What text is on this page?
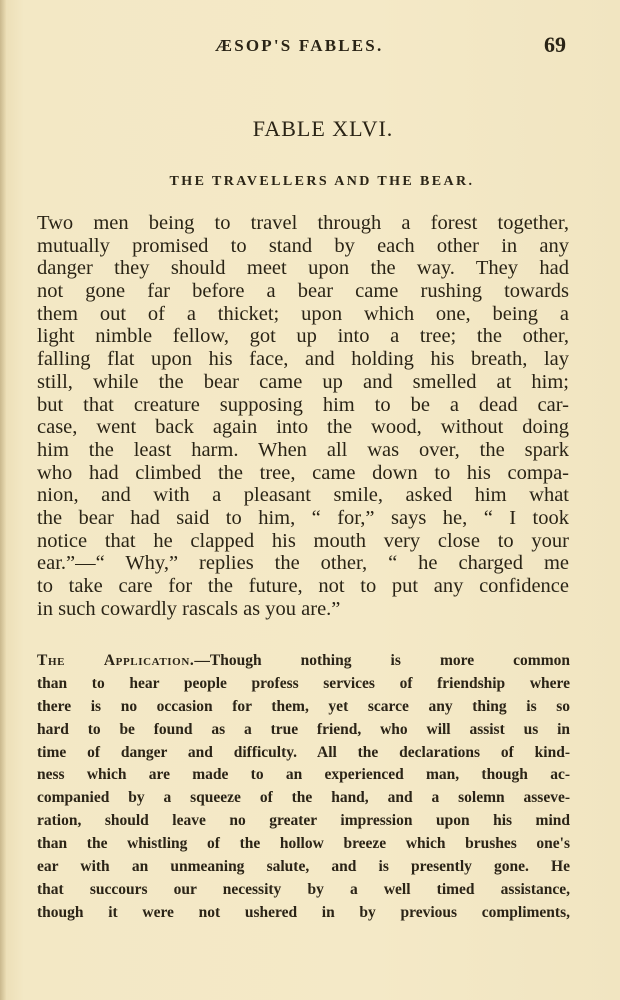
ÆSOP'S FABLES.	69
FABLE XLVI.
THE TRAVELLERS AND THE BEAR.
Two men being to travel through a forest together,
mutually promised to stand by each other in any
danger they should meet upon the way. They had
not gone far before a bear came rushing towards
them out of a thicket; upon which one, being a
light nimble fellow, got up into a tree; the other,
falling flat upon his face, and holding his breath, lay
still, while the bear came up and smelled at him;
but that creature supposing him to be a dead car-
case, went back again into the wood, without doing
him the least harm. When all was over, the spark
who had climbed the tree, came down to his compa-
nion, and with a pleasant smile, asked him what
the bear had said to him, “ for,” says he, “ I took
notice that he clapped his mouth very close to your
ear.”—“ Why,” replies the other, “ he charged me
to take care for the future, not to put any confidence
in such cowardly rascals as you are.”
The Application.—Though nothing is more common
than to hear people profess services of friendship where
there is no occasion for them, yet scarce any thing is so
hard to be found as a true friend, who will assist us in
time of danger and difficulty. All the declarations of kind-
ness which are made to an experienced man, though ac-
companied by a squeeze of the hand, and a solemn asseve-
ration, should leave no greater impression upon his mind
than the whistling of the hollow breeze which brushes one's
ear with an unmeaning salute, and is presently gone. He
that succours our necessity by a well timed assistance,
though it were not ushered in by previous compliments,
